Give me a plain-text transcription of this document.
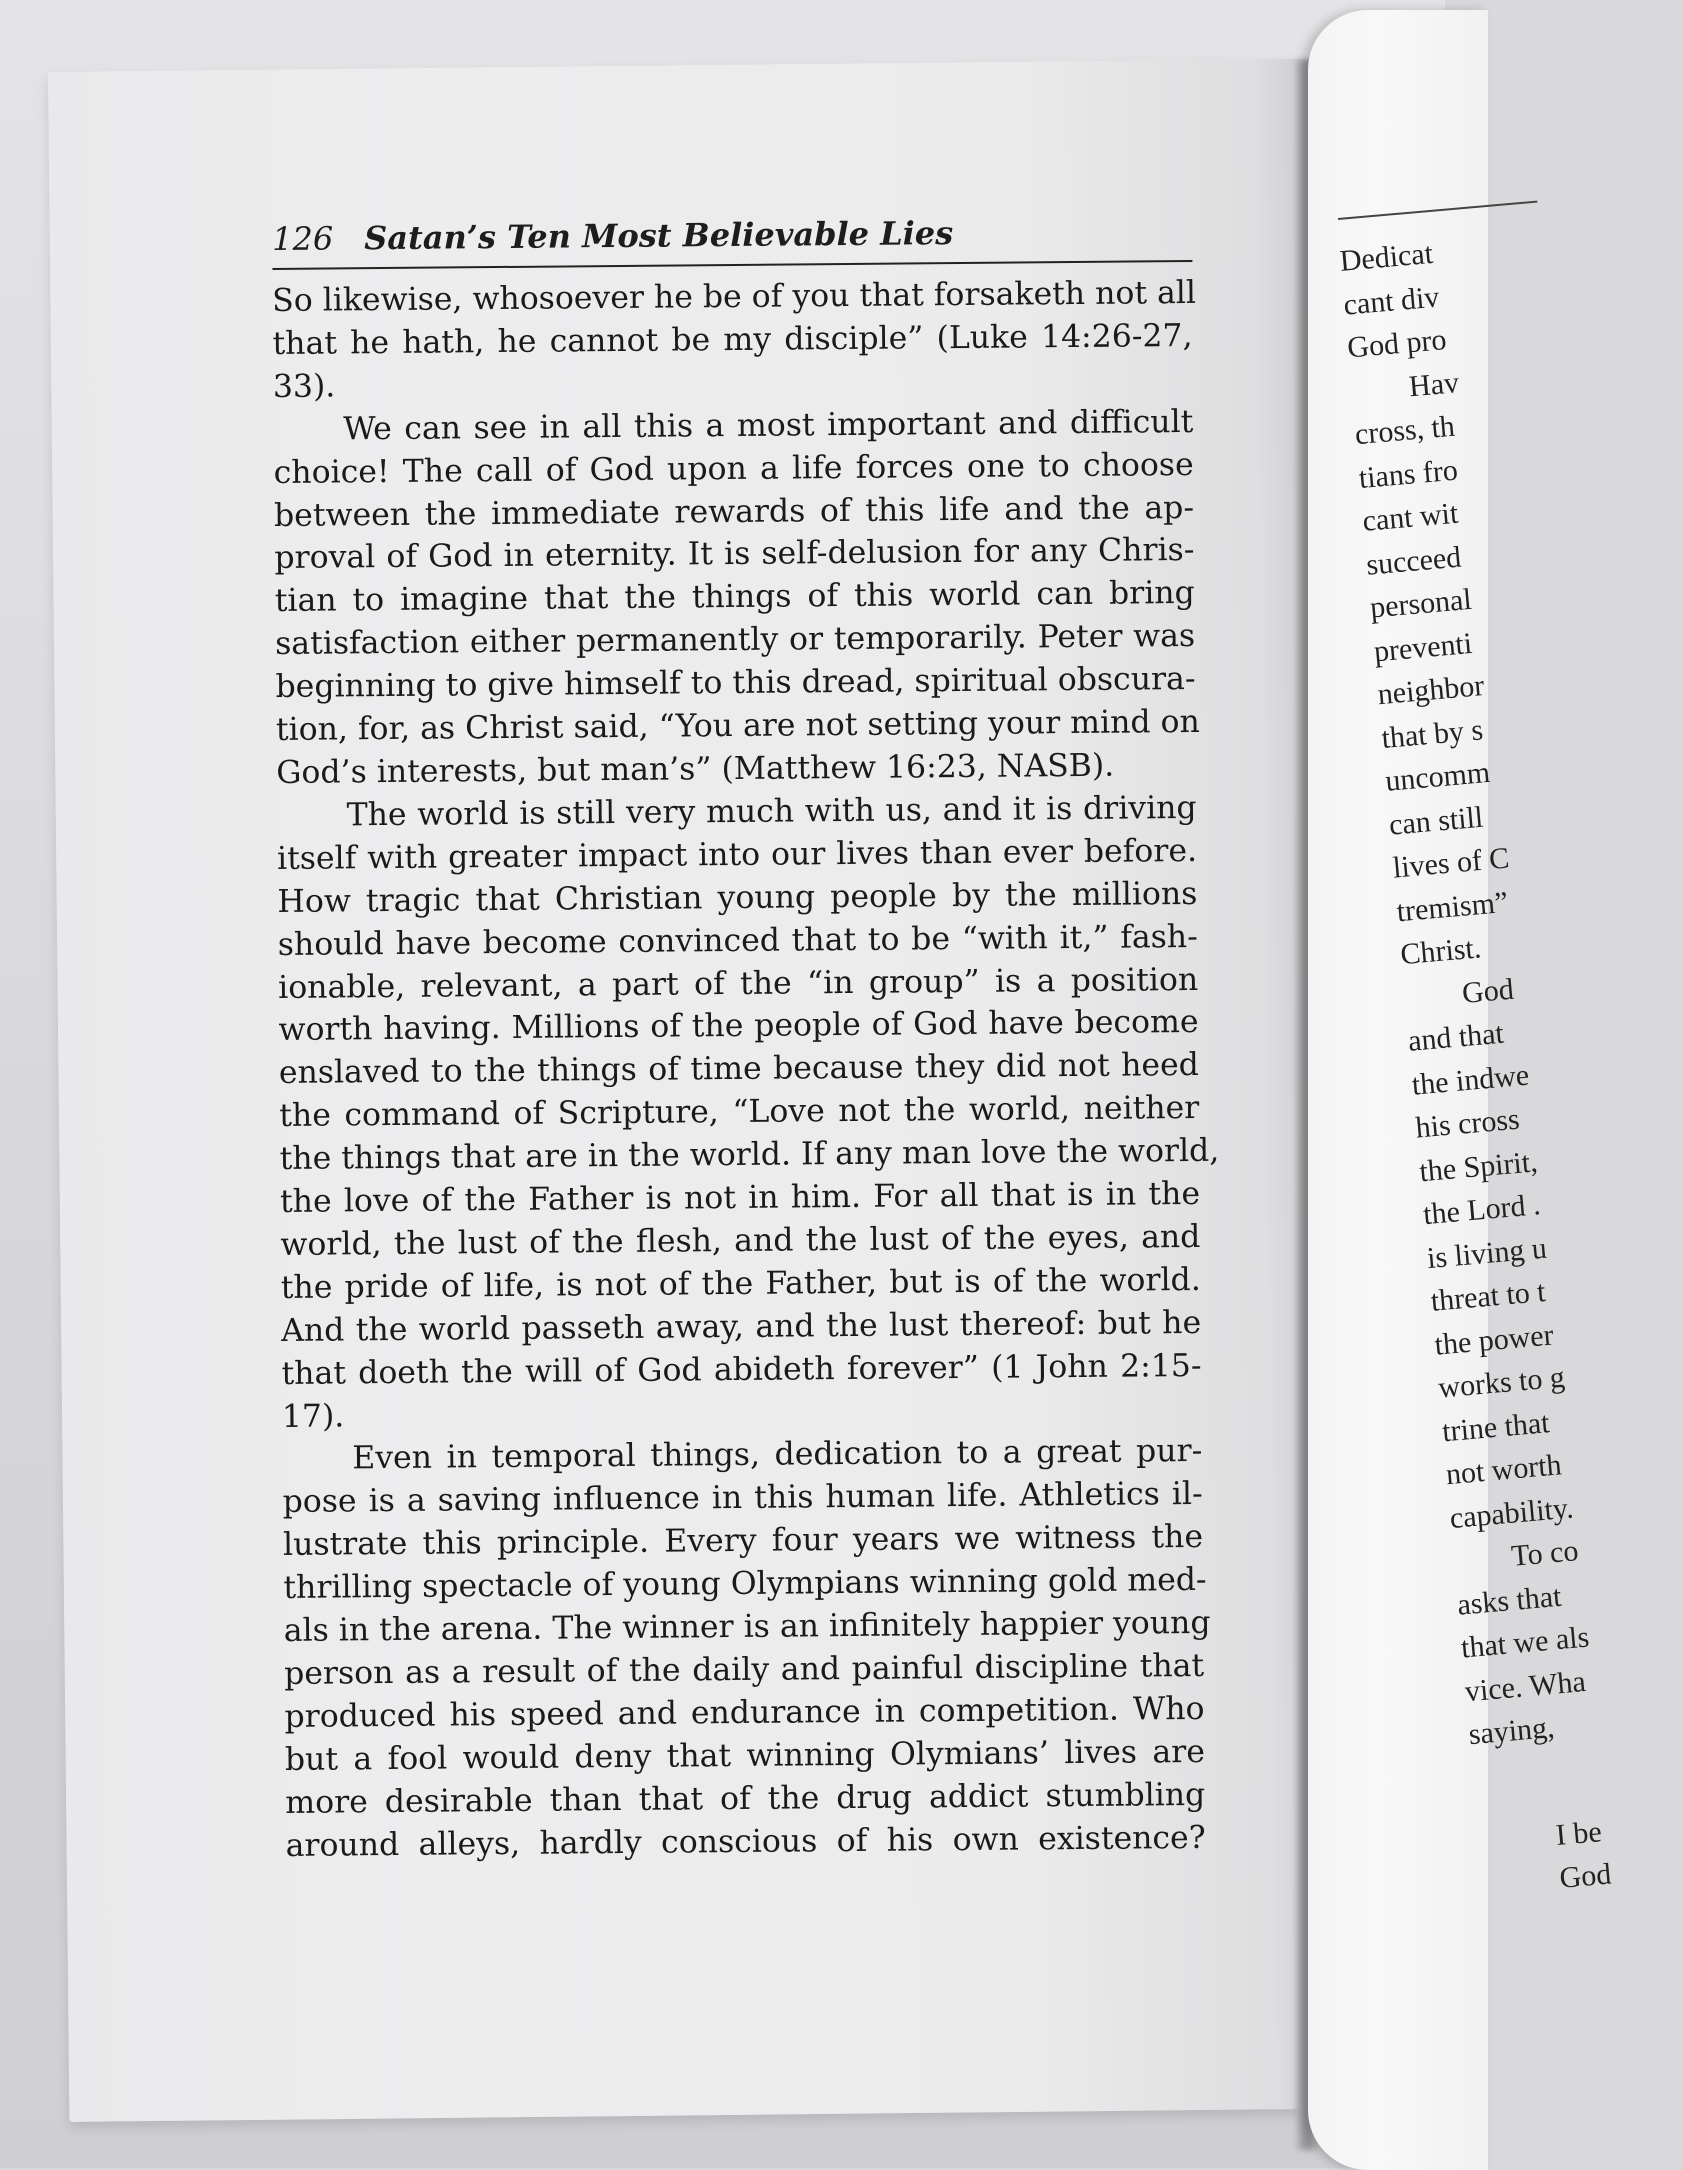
Dedicat
cant div
God pro
Hav
cross, th
tians fro
cant wit
succeed
personal
preventi
neighbor
that by s
uncomm
can still
lives of C
tremism”
Christ.
God
and that
the indwe
his cross
the Spirit,
the Lord .
is living u
threat to t
the power
works to g
trine that
not worth
capability.
To co
asks that
that we als
vice. Wha
saying,
I be
God
126 Satan’s Ten Most Believable Lies
So likewise, whosoever he be of you that forsaketh not all
that he hath, he cannot be my disciple” (Luke 14:26-27,
33).
We can see in all this a most important and difficult
choice! The call of God upon a life forces one to choose
between the immediate rewards of this life and the ap-
proval of God in eternity. It is self-delusion for any Chris-
tian to imagine that the things of this world can bring
satisfaction either permanently or temporarily. Peter was
beginning to give himself to this dread, spiritual obscura-
tion, for, as Christ said, “You are not setting your mind on
God’s interests, but man’s” (Matthew 16:23, NASB).
The world is still very much with us, and it is driving
itself with greater impact into our lives than ever before.
How tragic that Christian young people by the millions
should have become convinced that to be “with it,” fash-
ionable, relevant, a part of the “in group” is a position
worth having. Millions of the people of God have become
enslaved to the things of time because they did not heed
the command of Scripture, “Love not the world, neither
the things that are in the world. If any man love the world,
the love of the Father is not in him. For all that is in the
world, the lust of the flesh, and the lust of the eyes, and
the pride of life, is not of the Father, but is of the world.
And the world passeth away, and the lust thereof: but he
that doeth the will of God abideth forever” (1 John 2:15-
17).
Even in temporal things, dedication to a great pur-
pose is a saving influence in this human life. Athletics il-
lustrate this principle. Every four years we witness the
thrilling spectacle of young Olympians winning gold med-
als in the arena. The winner is an infinitely happier young
person as a result of the daily and painful discipline that
produced his speed and endurance in competition. Who
but a fool would deny that winning Olymians’ lives are
more desirable than that of the drug addict stumbling
around alleys, hardly conscious of his own existence?
